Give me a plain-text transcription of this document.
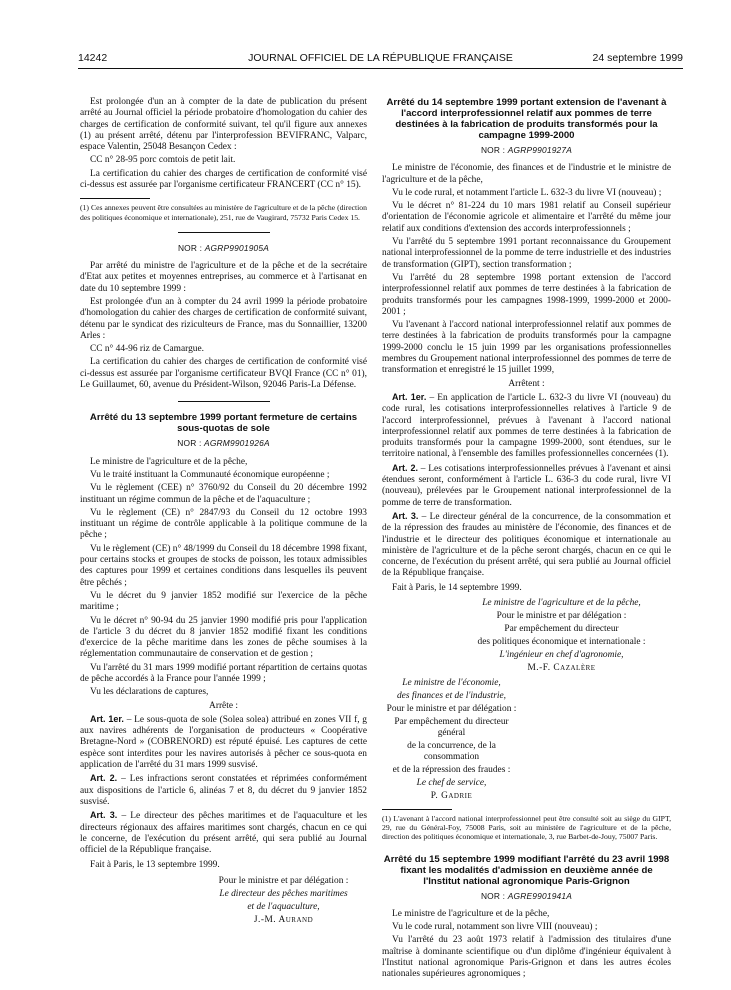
14242	JOURNAL OFFICIEL DE LA RÉPUBLIQUE FRANÇAISE	24 septembre 1999

Est prolongée d'un an à compter de la date de publication du présent arrêté au Journal officiel la période probatoire d'homologation du cahier des charges de certification de conformité suivant, tel qu'il figure aux annexes (1) au présent arrêté, détenu par l'interprofession BEVIFRANC, Valparc, espace Valentin, 25048 Besançon Cedex :

CC n° 28-95 porc comtois de petit lait.

La certification du cahier des charges de certification de conformité visé ci-dessus est assurée par l'organisme certificateur FRANCERT (CC n° 15).

(1) Ces annexes peuvent être consultées au ministère de l'agriculture et de la pêche (direction des politiques économique et internationale), 251, rue de Vaugirard, 75732 Paris Cedex 15.

NOR : AGRP9901905A

Par arrêté du ministre de l'agriculture et de la pêche et de la secrétaire d'Etat aux petites et moyennes entreprises, au commerce et à l'artisanat en date du 10 septembre 1999 :

Est prolongée d'un an à compter du 24 avril 1999 la période probatoire d'homologation du cahier des charges de certification de conformité suivant, détenu par le syndicat des riziculteurs de France, mas du Sonnaillier, 13200 Arles :

CC n° 44-96 riz de Camargue.

La certification du cahier des charges de certification de conformité visé ci-dessus est assurée par l'organisme certificateur BVQI France (CC n° 01), Le Guillaumet, 60, avenue du Président-Wilson, 92046 Paris-La Défense.

Arrêté du 13 septembre 1999 portant fermeture de certains sous-quotas de sole
NOR : AGRM9901926A

Le ministre de l'agriculture et de la pêche,

Vu le traité instituant la Communauté économique européenne ;

Vu le règlement (CEE) n° 3760/92 du Conseil du 20 décembre 1992 instituant un régime commun de la pêche et de l'aquaculture ;

Vu le règlement (CE) n° 2847/93 du Conseil du 12 octobre 1993 instituant un régime de contrôle applicable à la politique commune de la pêche ;

Vu le règlement (CE) n° 48/1999 du Conseil du 18 décembre 1998 fixant, pour certains stocks et groupes de stocks de poisson, les totaux admissibles des captures pour 1999 et certaines conditions dans lesquelles ils peuvent être pêchés ;

Vu le décret du 9 janvier 1852 modifié sur l'exercice de la pêche maritime ;

Vu le décret n° 90-94 du 25 janvier 1990 modifié pris pour l'application de l'article 3 du décret du 8 janvier 1852 modifié fixant les conditions d'exercice de la pêche maritime dans les zones de pêche soumises à la réglementation communautaire de conservation et de gestion ;

Vu l'arrêté du 31 mars 1999 modifié portant répartition de certains quotas de pêche accordés à la France pour l'année 1999 ;

Vu les déclarations de captures,

Arrête :

Art. 1er. – Le sous-quota de sole (Solea solea) attribué en zones VII f, g aux navires adhérents de l'organisation de producteurs « Coopérative Bretagne-Nord » (COBRENORD) est réputé épuisé. Les captures de cette espèce sont interdites pour les navires autorisés à pêcher ce sous-quota en application de l'arrêté du 31 mars 1999 susvisé.

Art. 2. – Les infractions seront constatées et réprimées conformément aux dispositions de l'article 6, alinéas 7 et 8, du décret du 9 janvier 1852 susvisé.

Art. 3. – Le directeur des pêches maritimes et de l'aquaculture et les directeurs régionaux des affaires maritimes sont chargés, chacun en ce qui le concerne, de l'exécution du présent arrêté, qui sera publié au Journal officiel de la République française.

Fait à Paris, le 13 septembre 1999.

Pour le ministre et par délégation :

Le directeur des pêches maritimes

et de l'aquaculture,

J.-M. Aurand

Arrêté du 14 septembre 1999 portant extension de l'avenant à l'accord interprofessionnel relatif aux pommes de terre destinées à la fabrication de produits transformés pour la campagne 1999-2000
NOR : AGRP9901927A

Le ministre de l'économie, des finances et de l'industrie et le ministre de l'agriculture et de la pêche,

Vu le code rural, et notamment l'article L. 632-3 du livre VI (nouveau) ;

Vu le décret n° 81-224 du 10 mars 1981 relatif au Conseil supérieur d'orientation de l'économie agricole et alimentaire et l'arrêté du même jour relatif aux conditions d'extension des accords interprofessionnels ;

Vu l'arrêté du 5 septembre 1991 portant reconnaissance du Groupement national interprofessionnel de la pomme de terre industrielle et des industries de transformation (GIPT), section transformation ;

Vu l'arrêté du 28 septembre 1998 portant extension de l'accord interprofessionnel relatif aux pommes de terre destinées à la fabrication de produits transformés pour les campagnes 1998-1999, 1999-2000 et 2000-2001 ;

Vu l'avenant à l'accord national interprofessionnel relatif aux pommes de terre destinées à la fabrication de produits transformés pour la campagne 1999-2000 conclu le 15 juin 1999 par les organisations professionnelles membres du Groupement national interprofessionnel des pommes de terre de transformation et enregistré le 15 juillet 1999,

Arrêtent :

Art. 1er. – En application de l'article L. 632-3 du livre VI (nouveau) du code rural, les cotisations interprofessionnelles relatives à l'article 9 de l'accord interprofessionnel, prévues à l'avenant à l'accord national interprofessionnel relatif aux pommes de terre destinées à la fabrication de produits transformés pour la campagne 1999-2000, sont étendues, sur le territoire national, à l'ensemble des familles professionnelles concernées (1).

Art. 2. – Les cotisations interprofessionnelles prévues à l'avenant et ainsi étendues seront, conformément à l'article L. 636-3 du code rural, livre VI (nouveau), prélevées par le Groupement national interprofessionnel de la pomme de terre de transformation.

Art. 3. – Le directeur général de la concurrence, de la consommation et de la répression des fraudes au ministère de l'économie, des finances et de l'industrie et le directeur des politiques économique et internationale au ministère de l'agriculture et de la pêche seront chargés, chacun en ce qui le concerne, de l'exécution du présent arrêté, qui sera publié au Journal officiel de la République française.

Fait à Paris, le 14 septembre 1999.

Le ministre de l'agriculture et de la pêche,

Pour le ministre et par délégation :

Par empêchement du directeur

des politiques économique et internationale :

L'ingénieur en chef d'agronomie,

M.-F. Cazalère

Le ministre de l'économie,

des finances et de l'industrie,

Pour le ministre et par délégation :

Par empêchement du directeur général

de la concurrence, de la consommation

et de la répression des fraudes :

Le chef de service,

P. Gadrie

(1) L'avenant à l'accord national interprofessionnel peut être consulté soit au siège du GIPT, 29, rue du Général-Foy, 75008 Paris, soit au ministère de l'agriculture et de la pêche, direction des politiques économique et internationale, 3, rue Barbet-de-Jouy, 75007 Paris.

Arrêté du 15 septembre 1999 modifiant l'arrêté du 23 avril 1998 fixant les modalités d'admission en deuxième année de l'Institut national agronomique Paris-Grignon
NOR : AGRE9901941A

Le ministre de l'agriculture et de la pêche,

Vu le code rural, notamment son livre VIII (nouveau) ;

Vu l'arrêté du 23 août 1973 relatif à l'admission des titulaires d'une maîtrise à dominante scientifique ou d'un diplôme d'ingénieur équivalent à l'Institut national agronomique Paris-Grignon et dans les autres écoles nationales supérieures agronomiques ;
